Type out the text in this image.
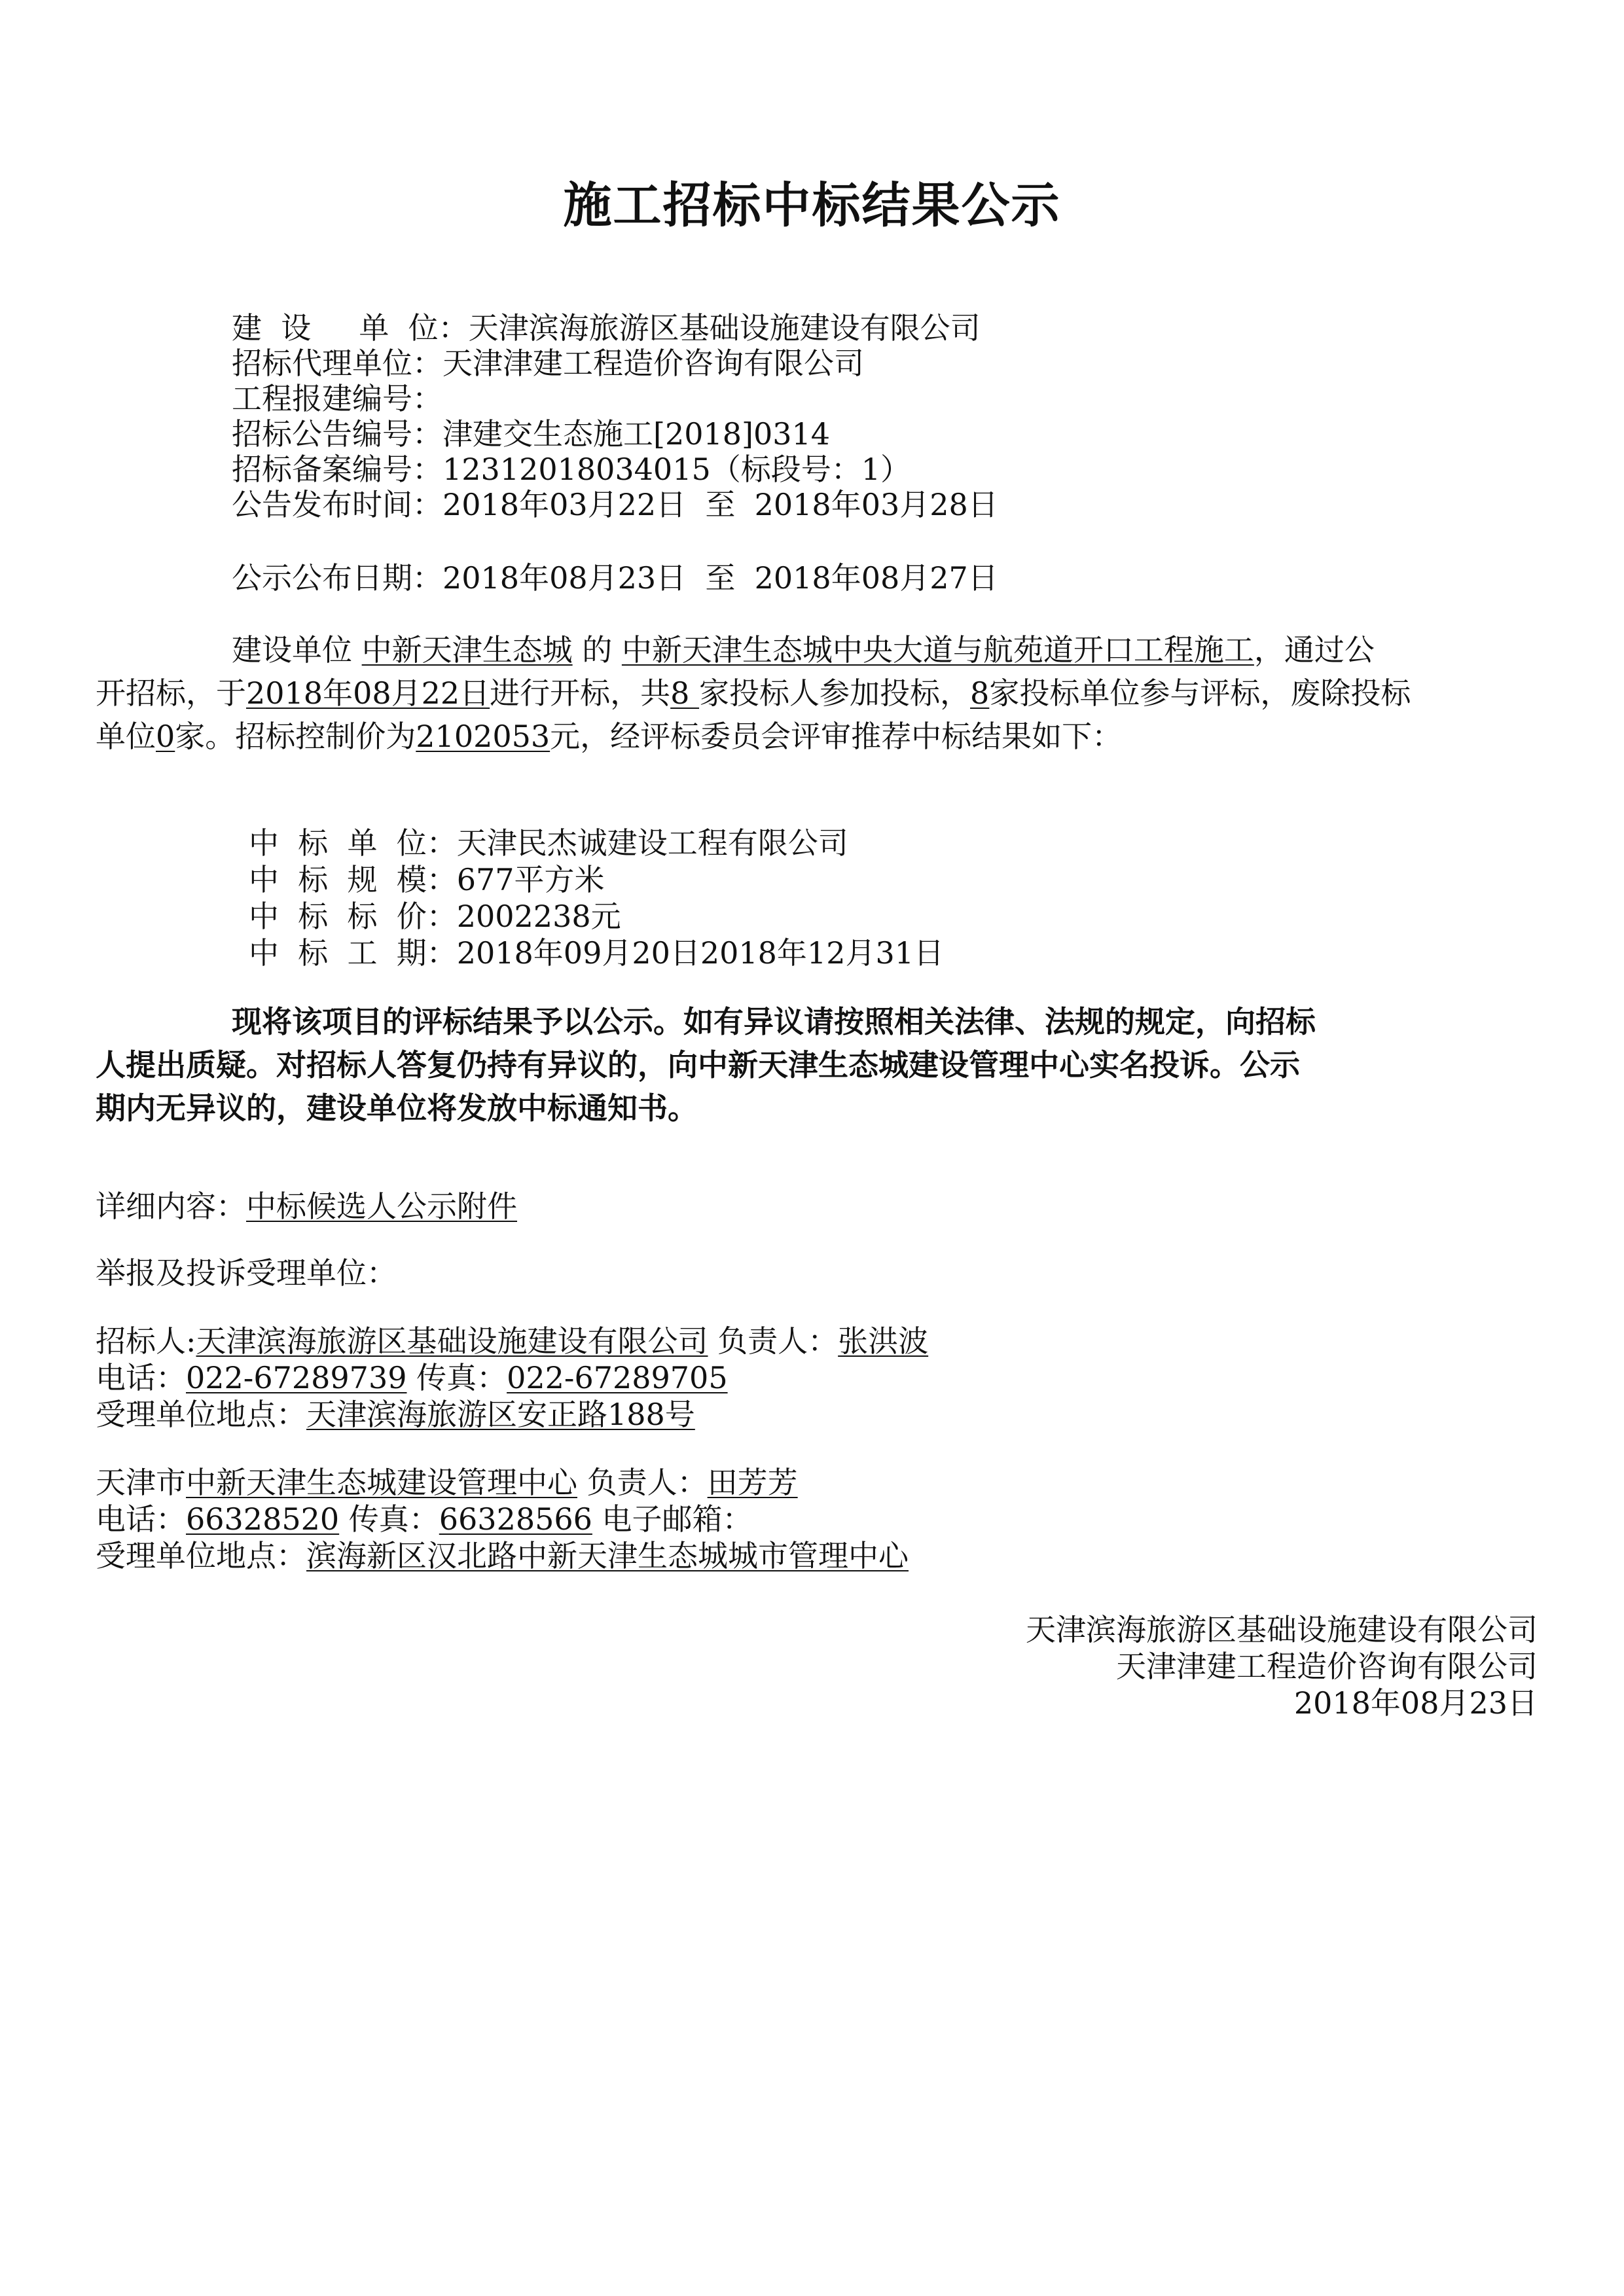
施工招标中标结果公示
建  设     单  位：天津滨海旅游区基础设施建设有限公司
招标代理单位：天津津建工程造价咨询有限公司
工程报建编号：
招标公告编号：津建交生态施工[2018]0314
招标备案编号：12312018034015（标段号：1）
公告发布时间：2018年03月22日  至  2018年03月28日
公示公布日期：2018年08月23日  至  2018年08月27日
建设单位 中新天津生态城 的 中新天津生态城中央大道与航苑道开口工程施工，通过公
开招标，于2018年08月22日进行开标，共8 家投标人参加投标，8家投标单位参与评标，废除投标
单位0家。招标控制价为2102053元，经评标委员会评审推荐中标结果如下：
中  标  单  位：天津民杰诚建设工程有限公司
中  标  规  模：677平方米
中  标  标  价：2002238元
中  标  工  期：2018年09月20日2018年12月31日
现将该项目的评标结果予以公示。如有异议请按照相关法律、法规的规定，向招标
人提出质疑。对招标人答复仍持有异议的，向中新天津生态城建设管理中心实名投诉。公示
期内无异议的，建设单位将发放中标通知书。
详细内容：中标候选人公示附件
举报及投诉受理单位：
招标人:天津滨海旅游区基础设施建设有限公司 负责人：张洪波
电话：022-67289739 传真：022-67289705
受理单位地点：天津滨海旅游区安正路188号
天津市中新天津生态城建设管理中心 负责人：田芳芳
电话：66328520 传真：66328566 电子邮箱：
受理单位地点：滨海新区汉北路中新天津生态城城市管理中心
天津滨海旅游区基础设施建设有限公司
天津津建工程造价咨询有限公司
2018年08月23日
